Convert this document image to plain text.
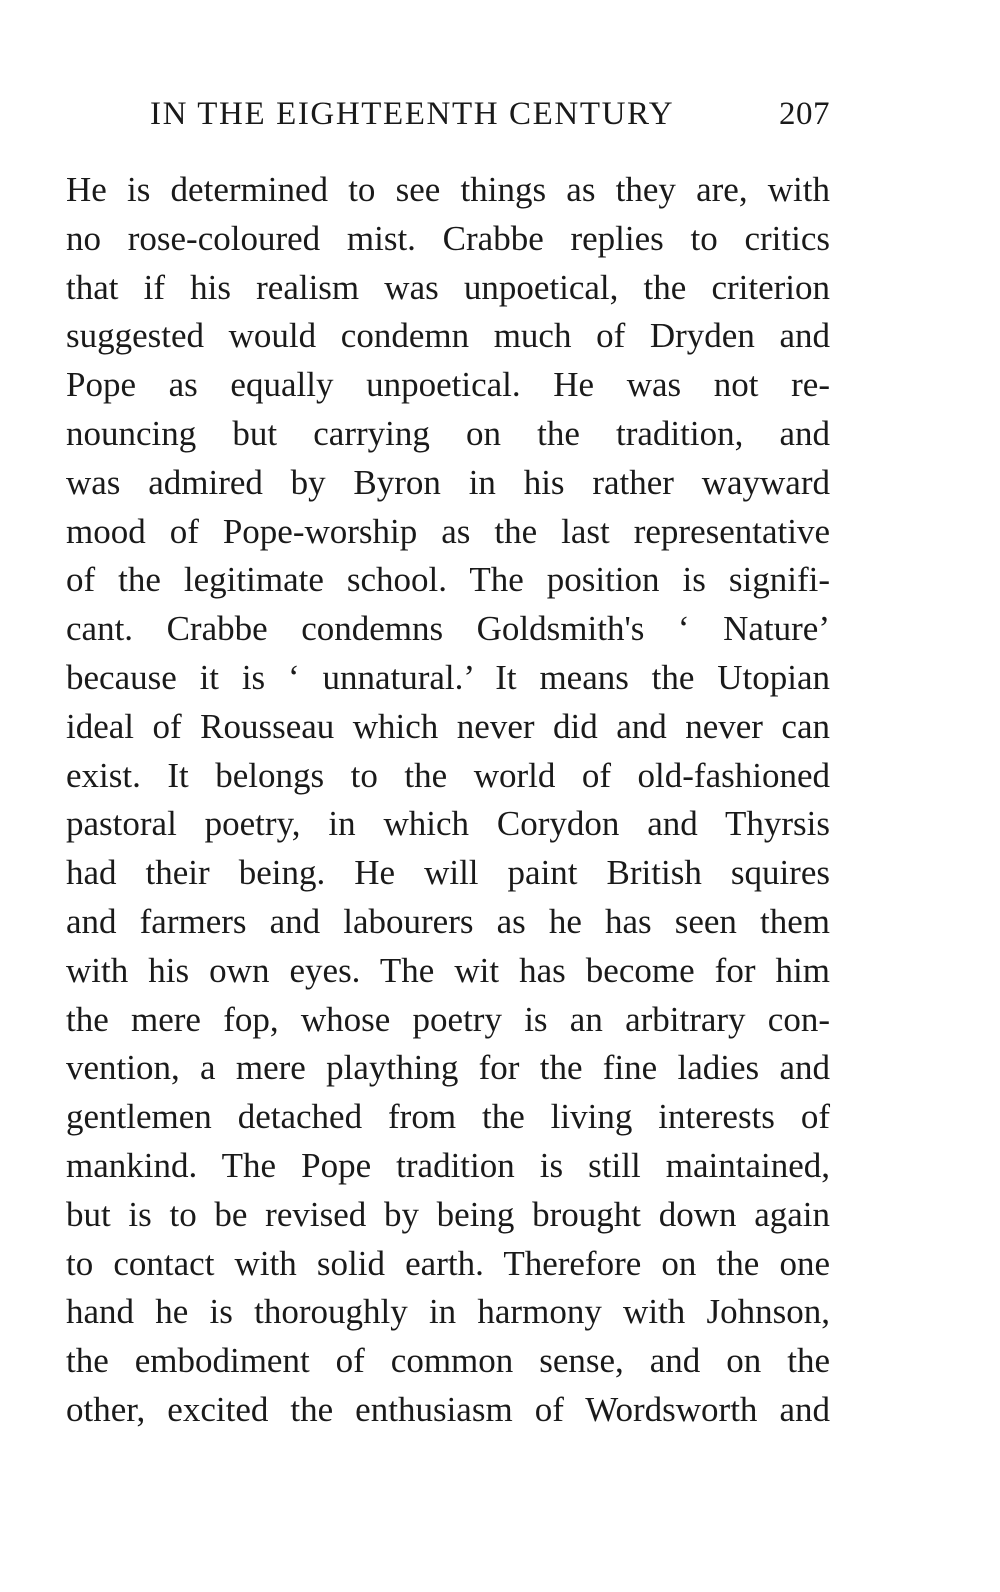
IN THE EIGHTEENTH CENTURY	207
He is determined to see things as they are, with
no rose-coloured mist. Crabbe replies to critics
that if his realism was unpoetical, the criterion
suggested would condemn much of Dryden and
Pope as equally unpoetical. He was not re-
nouncing but carrying on the tradition, and
was admired by Byron in his rather wayward
mood of Pope-worship as the last representative
of the legitimate school. The position is signifi-
cant. Crabbe condemns Goldsmith's ‘ Nature’
because it is ‘ unnatural.’ It means the Utopian
ideal of Rousseau which never did and never can
exist. It belongs to the world of old-fashioned
pastoral poetry, in which Corydon and Thyrsis
had their being. He will paint British squires
and farmers and labourers as he has seen them
with his own eyes. The wit has become for him
the mere fop, whose poetry is an arbitrary con-
vention, a mere plaything for the fine ladies and
gentlemen detached from the living interests of
mankind. The Pope tradition is still maintained,
but is to be revised by being brought down again
to contact with solid earth. Therefore on the one
hand he is thoroughly in harmony with Johnson,
the embodiment of common sense, and on the
other, excited the enthusiasm of Wordsworth and
